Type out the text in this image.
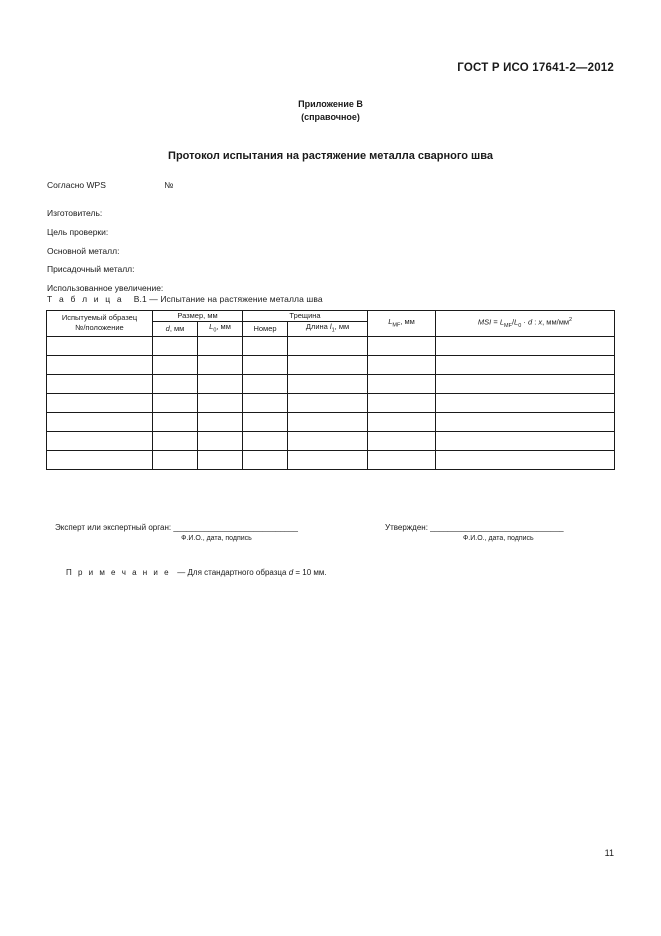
ГОСТ Р ИСО 17641-2—2012
Приложение В
(справочное)
Протокол испытания на растяжение металла сварного шва
Согласно WPS	№
Изготовитель:
Цель проверки:
Основной металл:
Присадочный металл:
Использованное увеличение:
Т а б л и ц а В.1 — Испытание на растяжение металла шва
Испытуемый образец
№/положение	Размер, мм		Трещина		$L_{MF}$, мм	MSI = $L_{MF}/L_0 \cdot d$ : x, $мм/мм^2$
	d, мм	$L_0$, мм	Номер	Длина $l_1$, мм		

Эксперт или экспертный орган: ____________________________
Ф.И.О., дата, подпись
Утвержден: ______________________________
Ф.И.О., дата, подпись
П р и м е ч а н и е — Для стандартного образца d = 10 мм.
11
